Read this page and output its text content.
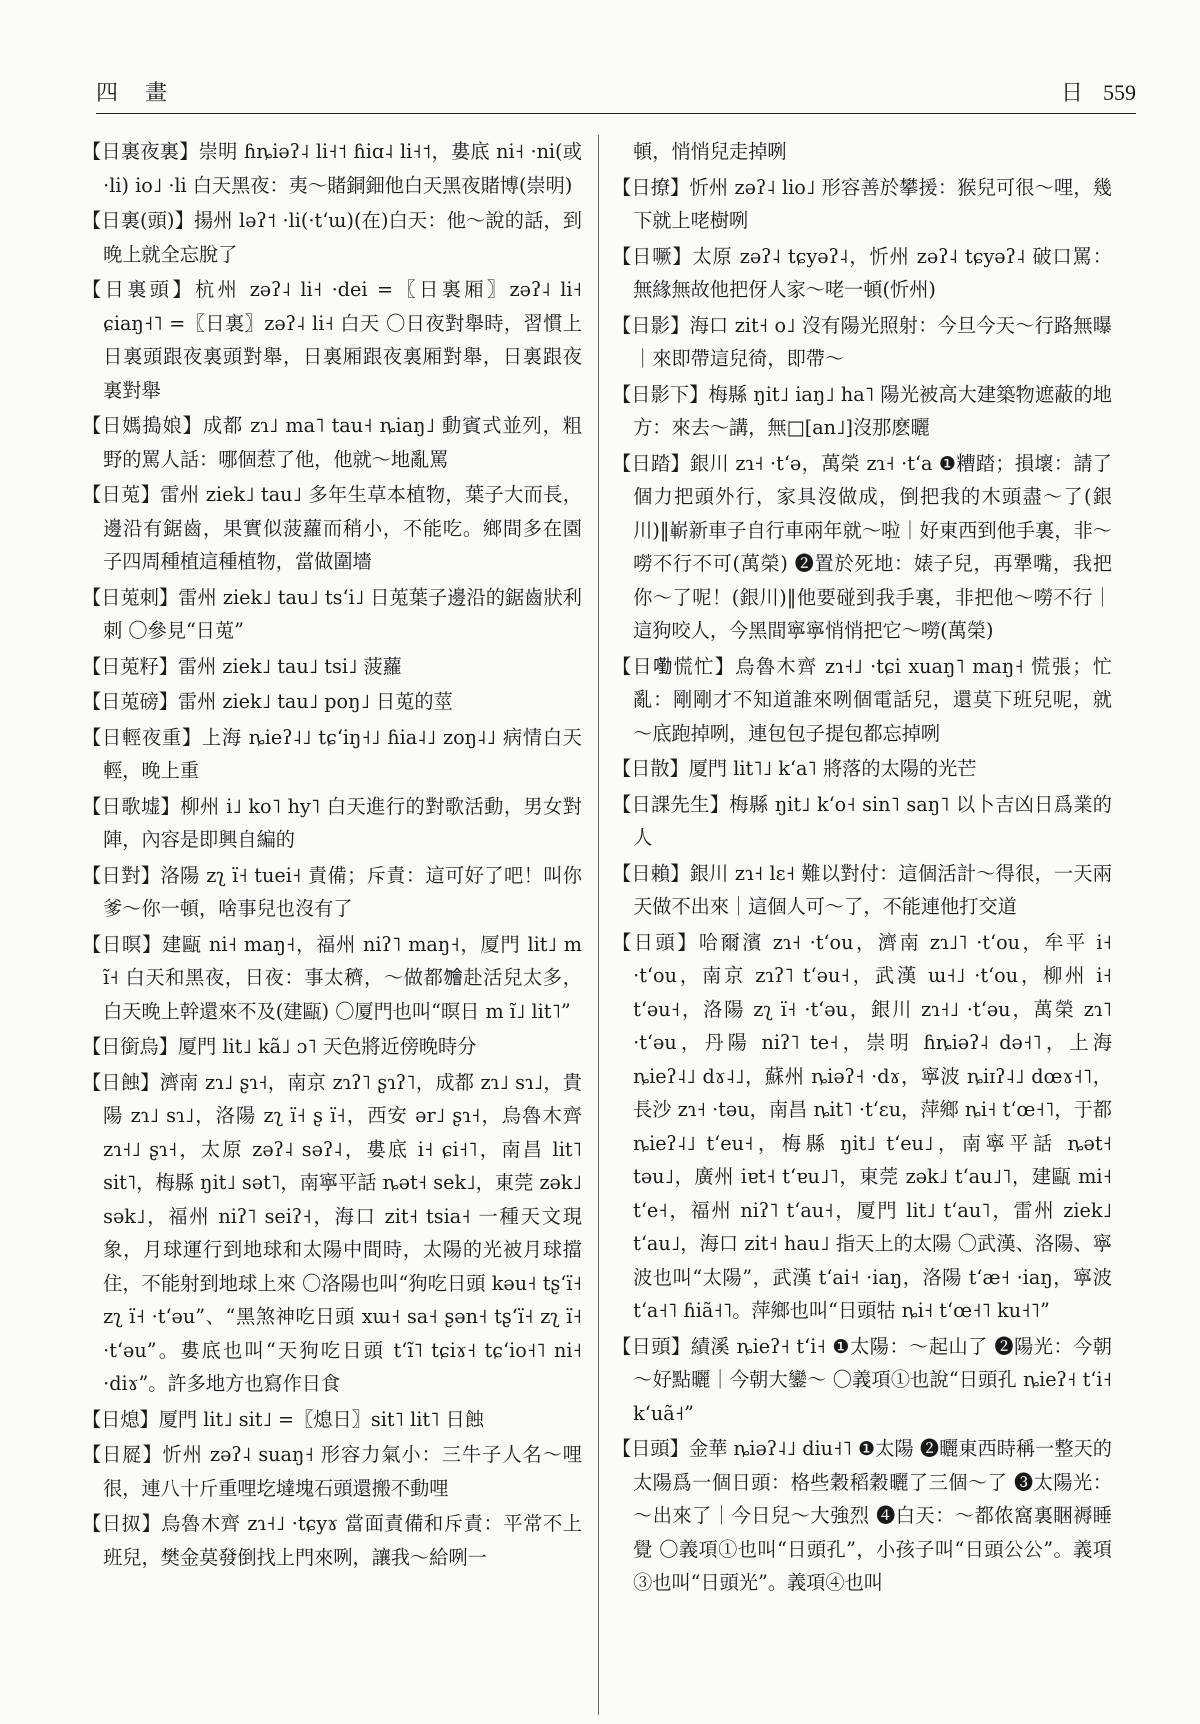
四 畫	日 559
【日裏夜裏】崇明 ɦȵiəʔ˨ li˧˦ ɦiɑ˨ li˧˦，婁底 ni˧ ·ni(或·li) io˩ ·li 白天黑夜：夷～賭銅鈿他白天黑夜賭博(崇明)
【日裏(頭)】揚州 ləʔ˦ ·li(·tʻɯ)(在)白天：他～說的話，到晚上就全忘脫了
【日裏頭】杭州 zəʔ˨ li˧ ·dei =〖日裏厢〗zəʔ˨ li˧ ɕiaŋ˧˥ =〖日裏〗zəʔ˨ li˧ 白天 〇日夜對舉時，習慣上日裏頭跟夜裏頭對舉，日裏厢跟夜裏厢對舉，日裏跟夜裏對舉
【日媽搗娘】成都 zɿ˩ ma˥ tau˧ ȵiaŋ˩ 動賓式並列，粗野的罵人話：哪個惹了他，他就～地亂罵
【日莵】雷州 ziek˩ tau˩ 多年生草本植物，葉子大而長，邊沿有鋸齒，果實似菠蘿而稍小，不能吃。鄉間多在園子四周種植這種植物，當做圍墻
【日莵刺】雷州 ziek˩ tau˩ tsʻi˩ 日莵葉子邊沿的鋸齒狀利刺 〇參見“日莵”
【日莵籽】雷州 ziek˩ tau˩ tsi˩ 菠蘿
【日莵磅】雷州 ziek˩ tau˩ poŋ˩ 日莵的莖
【日輕夜重】上海 ȵieʔ˨˩ tɕʻiŋ˧˩ ɦia˨˩ zoŋ˨˩ 病情白天輕，晚上重
【日歌墟】柳州 i˩ ko˥ hy˥ 白天進行的對歌活動，男女對陣，內容是即興自編的
【日對】洛陽 zʅ ï˧ tuei˧ 責備；斥責：這可好了吧！叫你爹～你一頓，啥事兒也沒有了
【日暝】建甌 ni˧ maŋ˧，福州 niʔ˥ maŋ˧，厦門 lit˩ m ĩ˧ 白天和黑夜，日夜：事太穧，～做都𣍐赴活兒太多，白天晚上幹還來不及(建甌) 〇厦門也叫“暝日 m ĩ˩ lit˥”
【日銜烏】厦門 lit˩ kã˩ ɔ˥ 天色將近傍晚時分
【日蝕】濟南 zɿ˩ ʂɿ˧，南京 zɿʔ˥ ʂɿʔ˥，成都 zɿ˩ sɿ˩，貴陽 zɿ˩ sɿ˩，洛陽 zʅ ï˧ ʂ ï˧，西安 ər˩ ʂɿ˧，烏魯木齊 zɿ˧˩ ʂɿ˧，太原 zəʔ˨ səʔ˨，婁底 i˧ ɕi˧˥，南昌 lit˥ sit˥，梅縣 ŋit˩ sət˥，南寧平話 ȵət˧ sek˩，東莞 zək˩ sək˩，福州 niʔ˥ seiʔ˧，海口 zit˧ tsia˧ 一種天文現象，月球運行到地球和太陽中間時，太陽的光被月球擋住，不能射到地球上來 〇洛陽也叫“狗吃日頭 kəu˧ tʂʻï˧ zʅ ï˧ ·tʻəu”、“黑煞神吃日頭 xɯ˧ sa˧ ʂən˧ tʂʻï˧ zʅ ï˧ ·tʻəu”。婁底也叫“天狗吃日頭 tʻĩ˥ tɕiɤ˧ tɕʻio˧˥ ni˧ ·diɤ”。許多地方也寫作日食
【日熄】厦門 lit˩ sit˩ =〖熄日〗sit˥ lit˥ 日蝕
【日㞞】忻州 zəʔ˨ suaŋ˧ 形容力氣小：三牛子人名～哩很，連八十斤重哩圪墶塊石頭還搬不動哩
【日㧐】烏魯木齊 zɿ˧˩ ·tɕyɤ 當面責備和斥責：平常不上班兒，樊金莫發倒找上門來咧，讓我～給咧一
頓，悄悄兒走掉咧
【日撩】忻州 zəʔ˨ lio˩ 形容善於攀援：猴兒可很～哩，幾下就上咾樹咧
【日噘】太原 zəʔ˨ tɕyəʔ˨，忻州 zəʔ˨ tɕyəʔ˨ 破口罵：無緣無故他把伢人家～咾一頓(忻州)
【日影】海口 zit˧ o˩ 沒有陽光照射：今旦今天～行路無曝｜來即帶這兒徛，即帶～
【日影下】梅縣 ŋit˩ iaŋ˩ ha˥ 陽光被高大建築物遮蔽的地方：來去～講，無□[an˩]沒那麽曬
【日踏】銀川 zɿ˧ ·tʻə，萬榮 zɿ˧ ·tʻa ❶糟踏；損壞：請了個力把頭外行，家具沒做成，倒把我的木頭盡～了(銀川)‖嶄新車子自行車兩年就～啦｜好東西到他手裏，非～嘮不行不可(萬榮) ❷置於死地：婊子兒，再犟嘴，我把你～了呢！(銀川)‖他要碰到我手裏，非把他～嘮不行｜這狗咬人，今黑間寧寧悄悄把它～嘮(萬榮)
【日𡀣慌忙】烏魯木齊 zɿ˧˩ ·tɕi xuaŋ˥ maŋ˧ 慌張；忙亂：剛剛才不知道誰來咧個電話兒，還莫下班兒呢，就～底跑掉咧，連包包子提包都忘掉咧
【日散】厦門 lit˥˩ kʻa˥ 將落的太陽的光芒
【日課先生】梅縣 ŋit˩ kʻo˧ sin˥ saŋ˥ 以卜吉凶日爲業的人
【日賴】銀川 zɿ˧ lɛ˧ 難以對付：這個活計～得很，一天兩天做不出來｜這個人可～了，不能連他打交道
【日頭】哈爾濱 zɿ˧ ·tʻou，濟南 zɿ˩˥ ·tʻou，牟平 i˧ ·tʻou，南京 zɿʔ˥ tʻəu˧，武漢 ɯ˧˩ ·tʻou，柳州 i˧ tʻəu˧，洛陽 zʅ ï˧ ·tʻəu，銀川 zɿ˧˩ ·tʻəu，萬榮 zɿ˥ ·tʻəu，丹陽 niʔ˥ te˧，崇明 ɦȵiəʔ˨ də˧˥，上海 ȵieʔ˨˩ dɤ˨˩，蘇州 ȵiəʔ˧ ·dɤ，寧波 ȵiɪʔ˨˩ dœɤ˧˥，長沙 zɿ˧ ·təu，南昌 ȵit˥ ·tʻɛu，萍鄉 ȵi˧ tʻœ˧˥，于都 ȵieʔ˨˩ tʻeu˧，梅縣 ŋit˩ tʻeu˩，南寧平話 ȵət˧ təu˩，廣州 iɐt˧ tʻɐu˩˥，東莞 zək˩ tʻau˩˥，建甌 mi˧ tʻe˧，福州 niʔ˥ tʻau˧，厦門 lit˩ tʻau˥，雷州 ziek˩ tʻau˩，海口 zit˧ hau˩ 指天上的太陽 〇武漢、洛陽、寧波也叫“太陽”，武漢 tʻai˧ ·iaŋ，洛陽 tʻæ˧ ·iaŋ，寧波 tʻa˧˥ ɦiã˧˥。萍鄉也叫“日頭牯 ȵi˧ tʻœ˧˥ ku˧˥”
【日頭】績溪 ȵieʔ˧ tʻi˧ ❶太陽：～起山了 ❷陽光：今朝～好點曬｜今朝大鑾～ 〇義項①也說“日頭孔 ȵieʔ˧ tʻi˧ kʻuã˧”
【日頭】金華 ȵiəʔ˨˩ diu˧˥ ❶太陽 ❷曬東西時稱一整天的太陽爲一個日頭：格些穀稻穀曬了三個～了 ❸太陽光：～出來了｜今日兒～大強烈 ❹白天：～都侬窩裏睏褥睡覺 〇義項①也叫“日頭孔”，小孩子叫“日頭公公”。義項③也叫“日頭光”。義項④也叫
